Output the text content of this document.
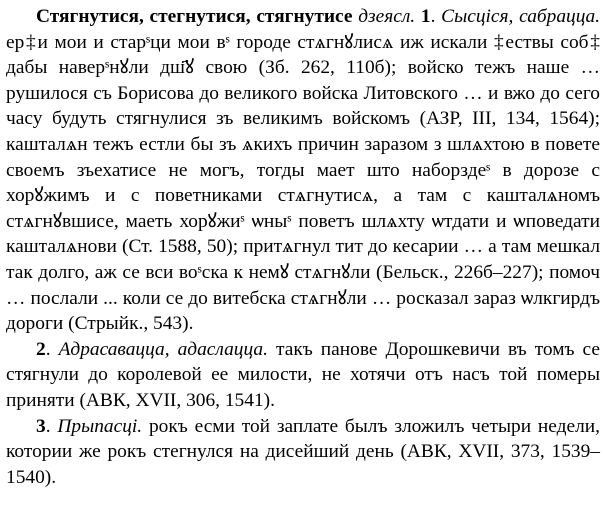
Стягнутися, стегнутися, стягнутисе дзеясл. 1. Сысціся, сабраццa. ер‡и мои и старˢци мои вˢ городе стѧгнꙋлисѧ иж искали ‡ествы соб‡ дабы наверˢнꙋли дш҃ꙋ свою (Зб. 262, 110б); войско тежъ наше … рушилося съ Борисова до великого войска Литовского … и вжо до сего часу будуть стягнулися зъ великимъ войскомъ (АЗР, III, 134, 1564); кашталѧн тежъ естли бы зъ ѧкихъ причин заразом з шлѧхтою в повете своемъ зъехатисе не могъ, тогды мает што наборздеˢ в дорозе с хорꙋжимъ и с поветниками стѧгнутисѧ, а там с кашталѧномъ стѧгнꙋвшисе, маеть хорꙋжиˢ ѡныˢ поветъ шлѧхту ѡтдати и ѡповедати кашталѧнови (Ст. 1588, 50); притѧгнул тит до кесарии … а там мешкал так долго, аж се вси воˢска к немꙋ стѧгнꙋли (Бельск., 226б–227); помоч … послали ... коли се до витебска стѧгнꙋли … росказал зараз ѡлкгирдъ дороги (Стрыйк., 543).

2. Адрасавацца, адаслацца. такъ панове Дорошкевичи въ томъ се стягнули до королевой ее милости, не хотячи отъ насъ той померы приняти (АВК, XVII, 306, 1541).

3. Прыпасці. рокъ есми той заплате былъ зложилъ четыри недели, котории же рокъ стегнулся на дисейший день (АВК, XVII, 373, 1539–1540).
